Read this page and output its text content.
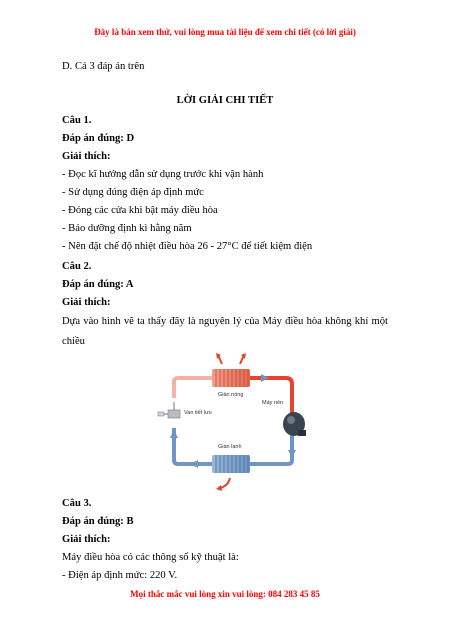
Đây là bản xem thử, vui lòng mua tài liệu để xem chi tiết (có lời giải)
D. Cả 3 đáp án trên
LỜI GIẢI CHI TIẾT
Câu 1.
Đáp án đúng: D
Giải thích:
- Đọc kĩ hướng dẫn sử dụng trước khi vận hành
- Sử dụng đúng điện áp định mức
- Đóng các cửa khi bật máy điều hòa
- Bảo dưỡng định kì hằng năm
- Nên đặt chế độ nhiệt điều hòa 26 - 27°C để tiết kiệm điện
Câu 2.
Đáp án đúng: A
Giải thích:
Dựa vào hình vẽ ta thấy đây là nguyên lý của Máy điều hòa không khí một chiều
Giàn nóng
Máy nén
Van tiết lưu
Giàn lạnh
Câu 3.
Đáp án đúng: B
Giải thích:
Máy điều hòa có các thông số kỹ thuật là:
- Điện áp định mức: 220 V.
Mọi thắc mắc vui lòng xin vui lòng: 084 283 45 85
